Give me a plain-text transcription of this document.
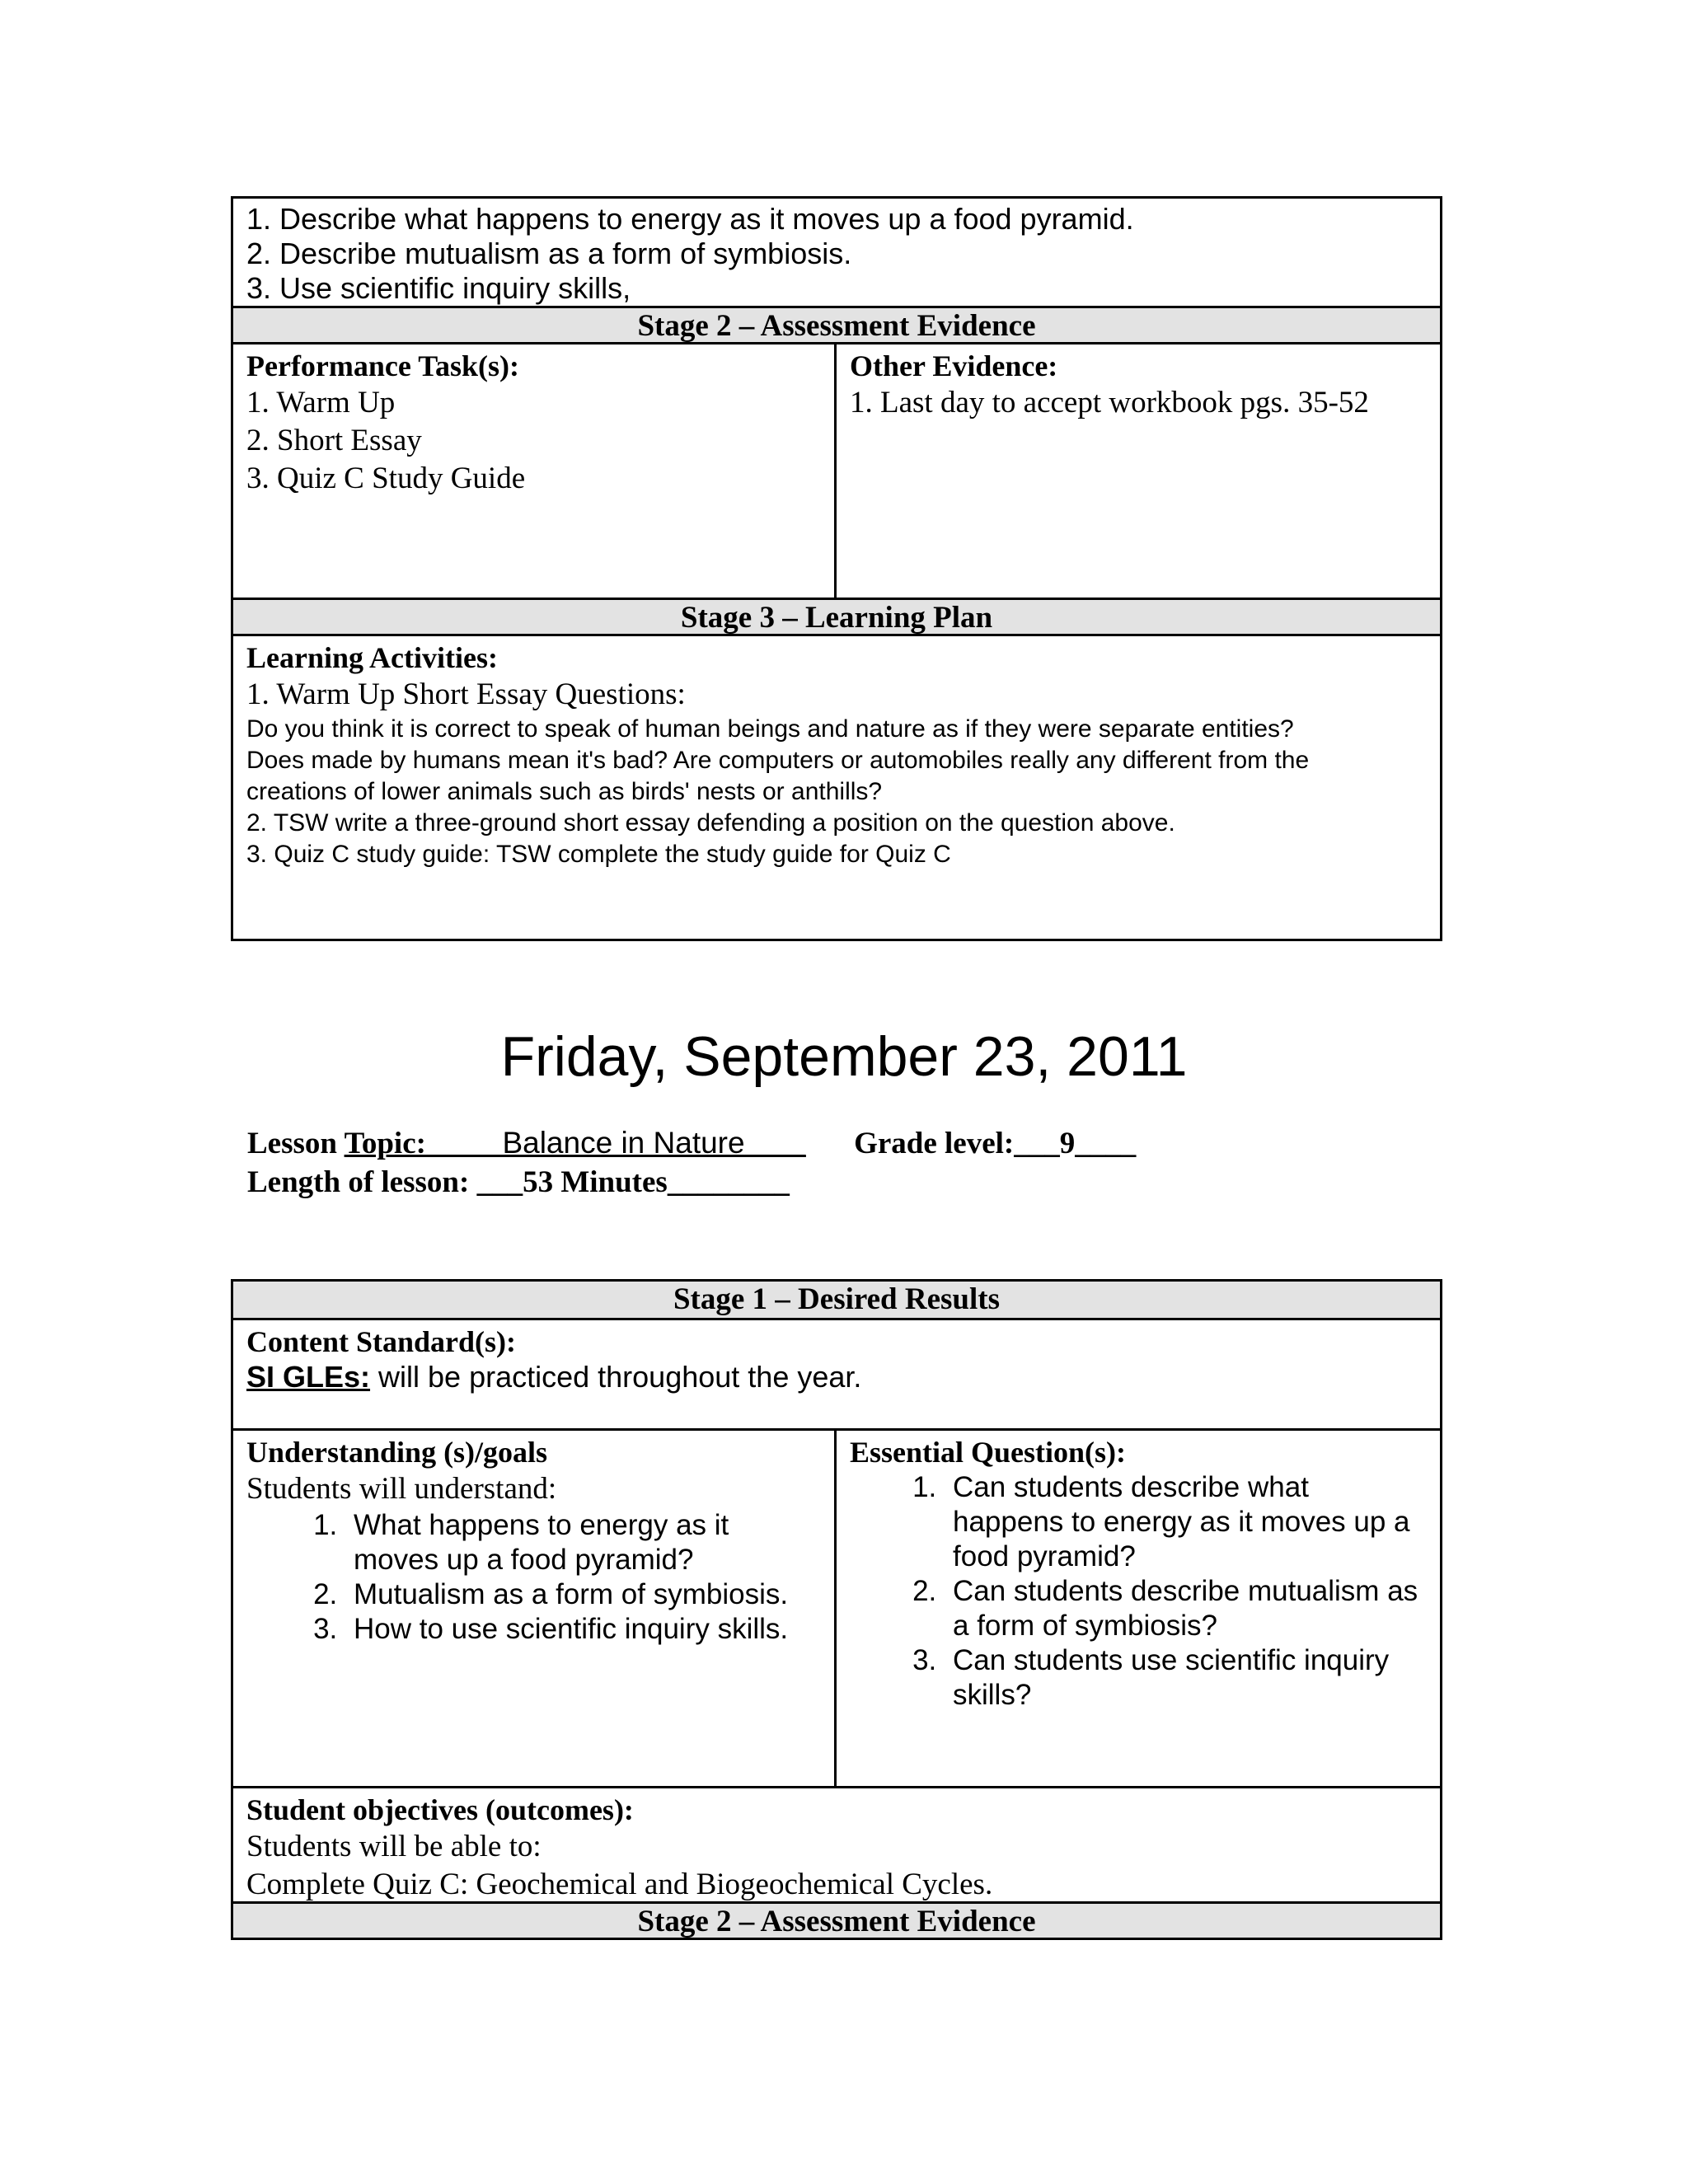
1. Describe what happens to energy as it moves up a food pyramid.
2. Describe mutualism as a form of symbiosis.
3. Use scientific inquiry skills,
Stage 2 – Assessment Evidence
Performance Task(s):
1. Warm Up
2. Short Essay
3. Quiz C Study Guide
Other Evidence:
1. Last day to accept workbook pgs. 35-52
Stage 3 – Learning Plan
Learning Activities:
1. Warm Up Short Essay Questions:
Do you think it is correct to speak of human beings and nature as if they were separate entities?
Does made by humans mean it's bad? Are computers or automobiles really any different from the
creations of lower animals such as birds' nests or anthills?
2. TSW write a three-ground short essay defending a position on the question above.
3. Quiz C study guide: TSW complete the study guide for Quiz C
Friday, September 23, 2011
Lesson Topic:_____Balance in Nature____ Grade level:___9____
Length of lesson: ___53 Minutes________
Stage 1 – Desired Results
Content Standard(s):
SI GLEs: will be practiced throughout the year.
Understanding (s)/goals
Students will understand:
1. What happens to energy as it moves up a food pyramid?
2. Mutualism as a form of symbiosis.
3. How to use scientific inquiry skills.
Essential Question(s):
1. Can students describe what happens to energy as it moves up a food pyramid?
2. Can students describe mutualism as a form of symbiosis?
3. Can students use scientific inquiry skills?
Student objectives (outcomes):
Students will be able to:
Complete Quiz C: Geochemical and Biogeochemical Cycles.
Stage 2 – Assessment Evidence
